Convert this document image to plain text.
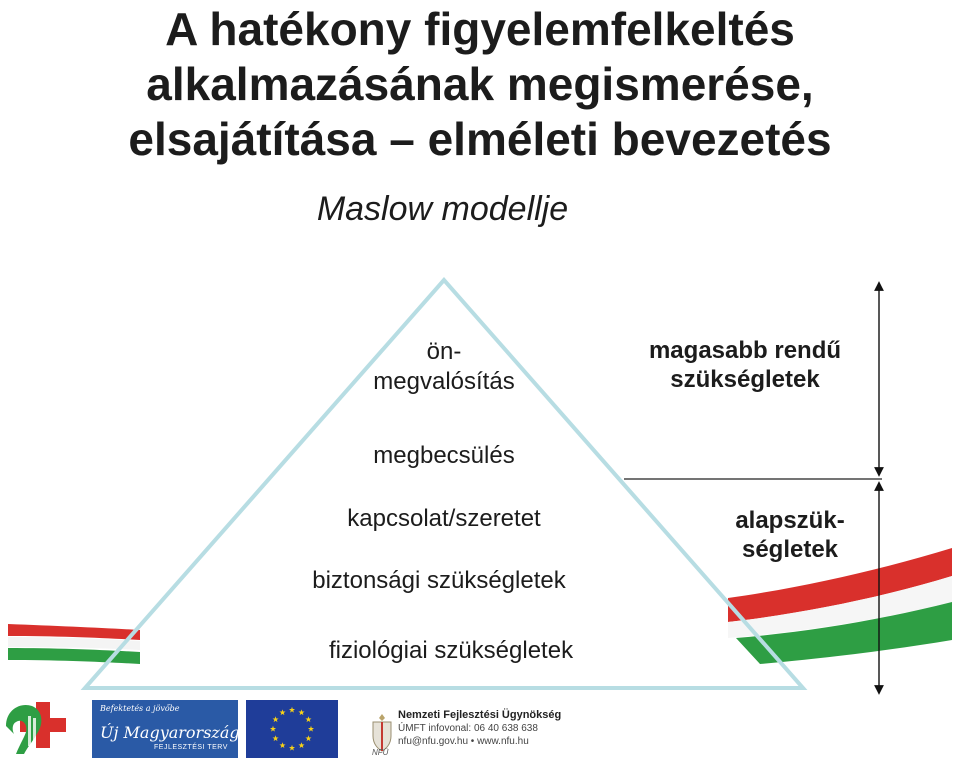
A hatékony figyelemfelkeltés
alkalmazásának megismerése,
elsajátítása – elméleti bevezetés
Maslow modellje
ön-
megvalósítás
megbecsülés
kapcsolat/szeretet
biztonsági szükségletek
fiziológiai szükségletek
magasabb rendű
szükségletek
alapszük-
ségletek
Befektetés a jövőbe
Új Magyarország
FEJLESZTÉSI TERV
Nemzeti Fejlesztési Ügynökség
ÚMFT infovonal: 06 40 638 638
nfu@nfu.gov.hu • www.nfu.hu
NFÜ
